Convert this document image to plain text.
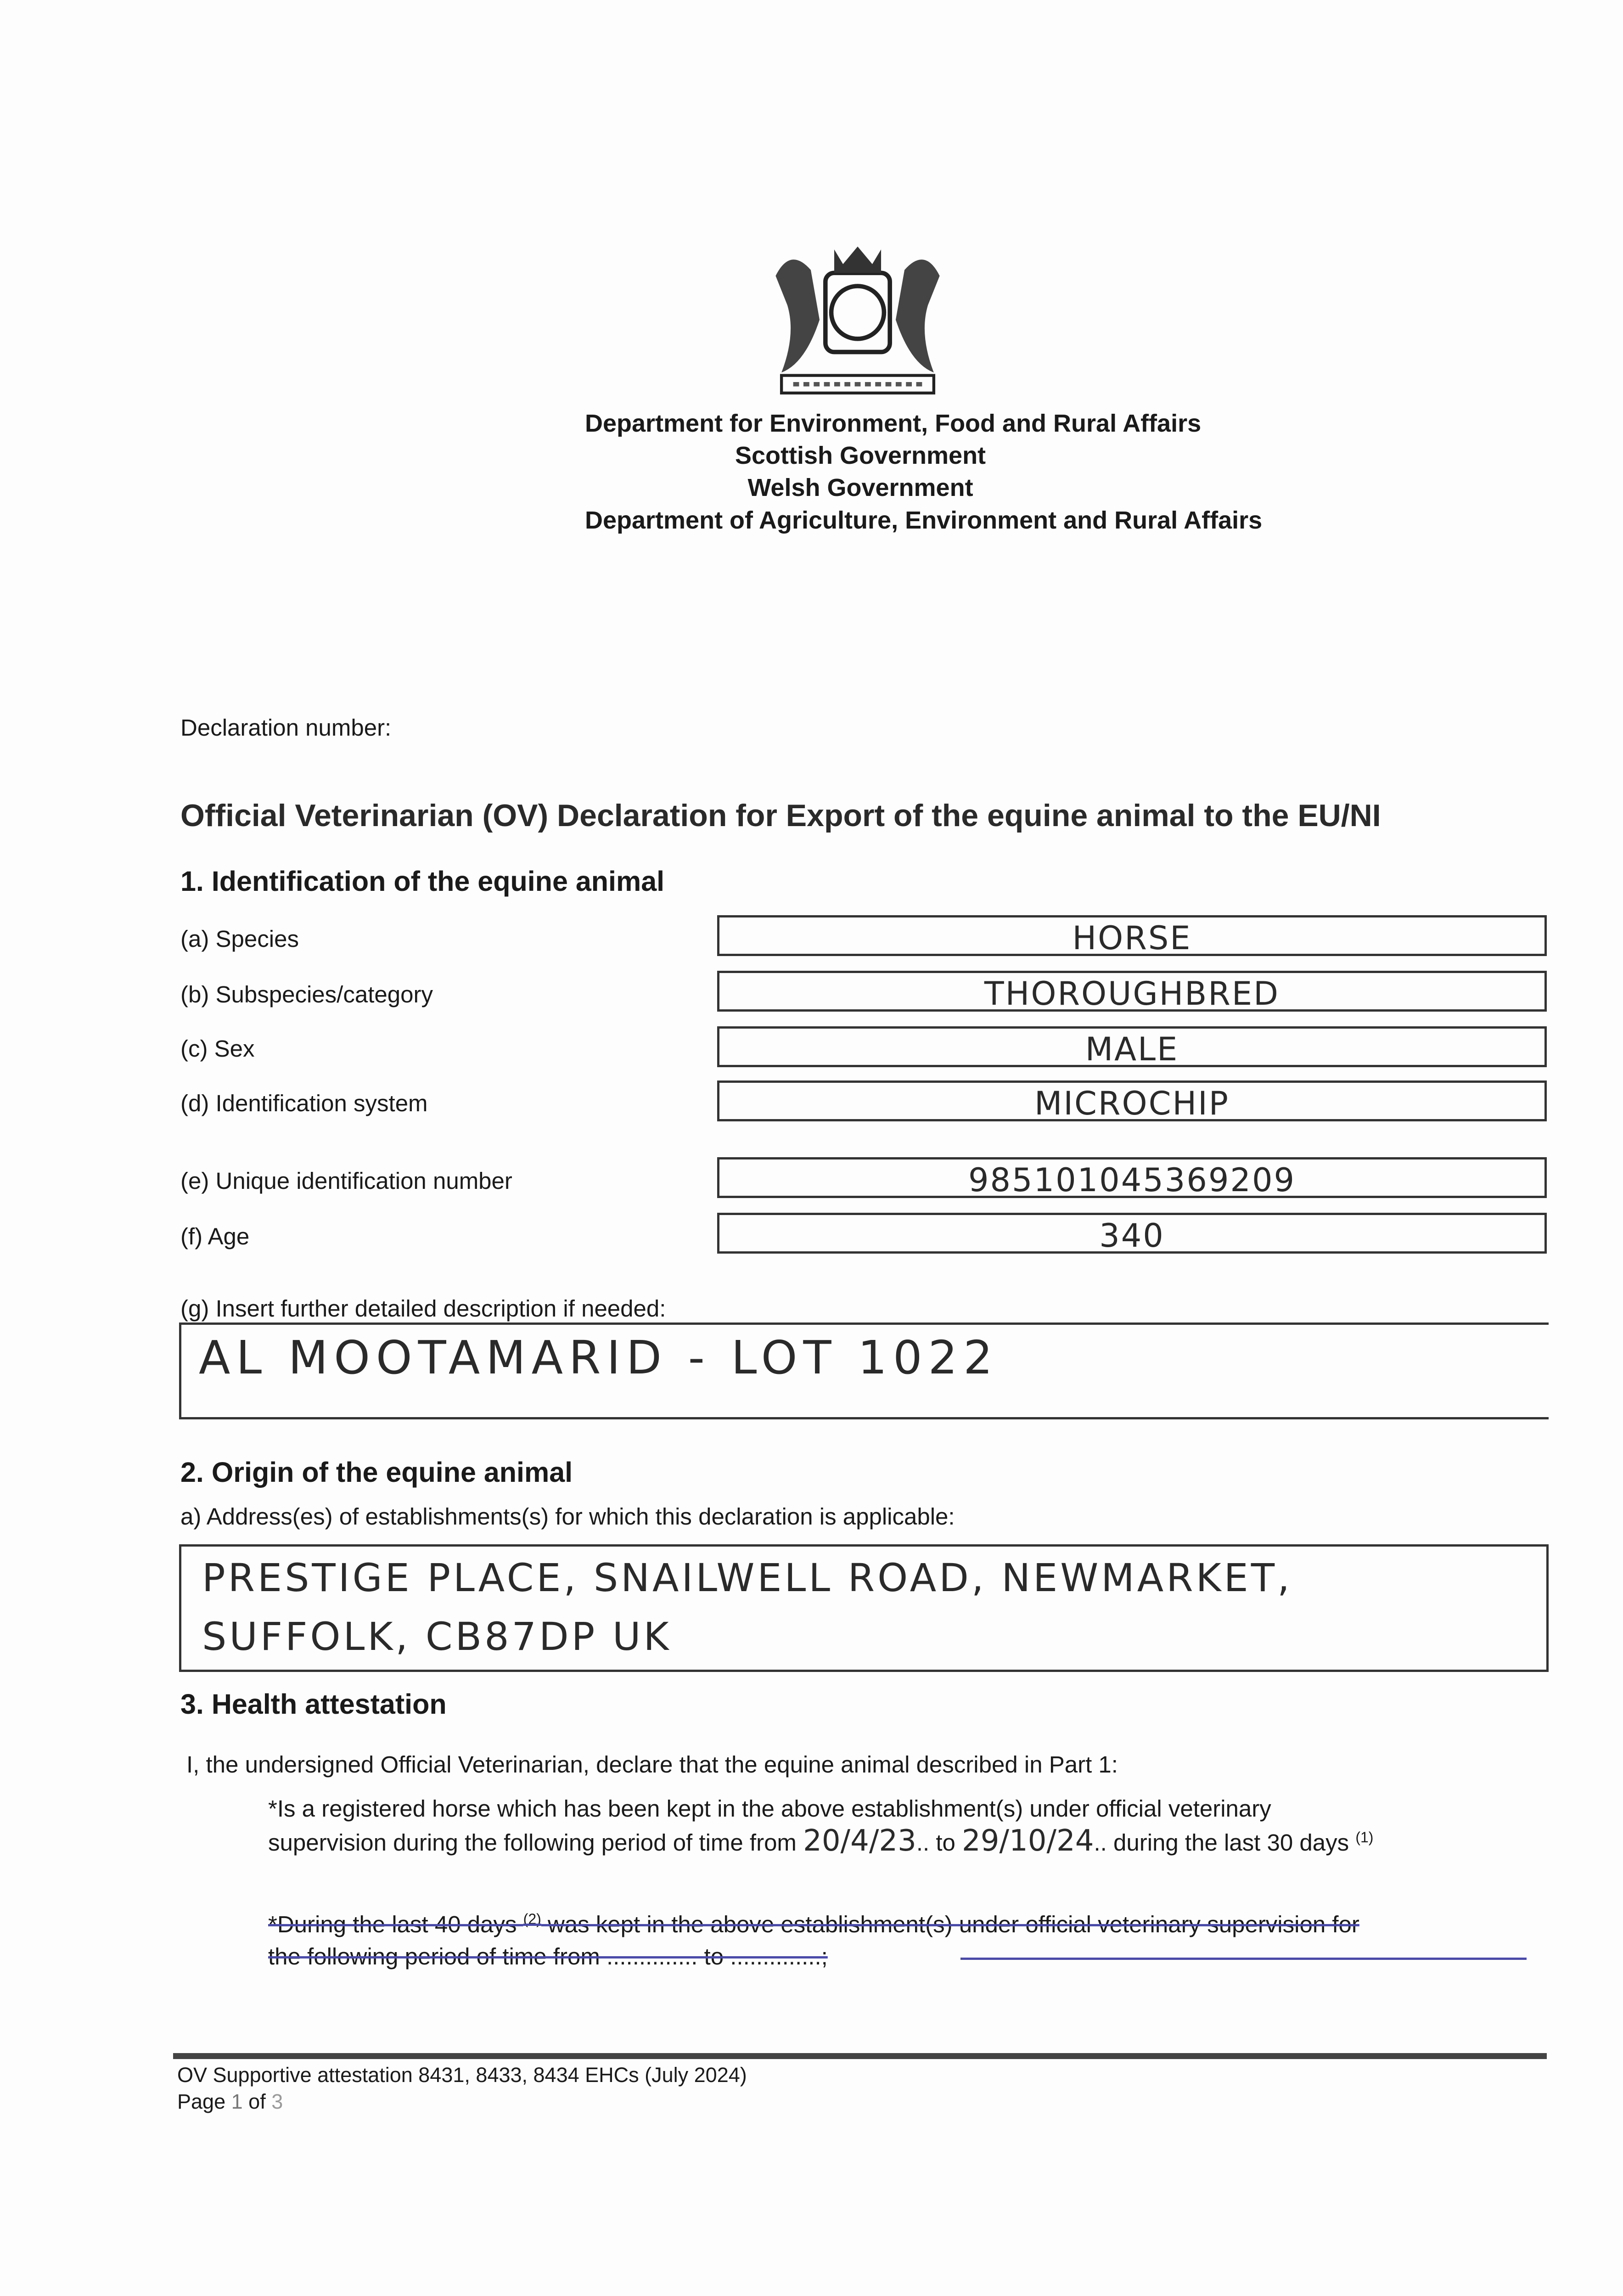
Department for Environment, Food and Rural Affairs
Scottish Government
Welsh Government
Department of Agriculture, Environment and Rural Affairs
Declaration number:
Official Veterinarian (OV) Declaration for Export of the equine animal to the EU/NI
1. Identification of the equine animal
(a) Species	HORSE
(b) Subspecies/category	THOROUGHBRED
(c) Sex	MALE
(d) Identification system	MICROCHIP
(e) Unique identification number	985101045369209
(f) Age	340
(g) Insert further detailed description if needed:
AL MOOTAMARID - LOT 1022
2. Origin of the equine animal
a) Address(es) of establishments(s) for which this declaration is applicable:
PRESTIGE PLACE, SNAILWELL ROAD, NEWMARKET,
SUFFOLK, CB87DP UK
3. Health attestation
I, the undersigned Official Veterinarian, declare that the equine animal described in Part 1:
*Is a registered horse which has been kept in the above establishment(s) under official veterinary
supervision during the following period of time from 20/4/23.. to 29/10/24.. during the last 30 days $^{(1)}$
*During the last 40 days $^{(2)}$ was kept in the above establishment(s) under official veterinary supervision for
the following period of time from .............. to ..............;
OV Supportive attestation 8431, 8433, 8434 EHCs (July 2024)
Page 1 of 3
